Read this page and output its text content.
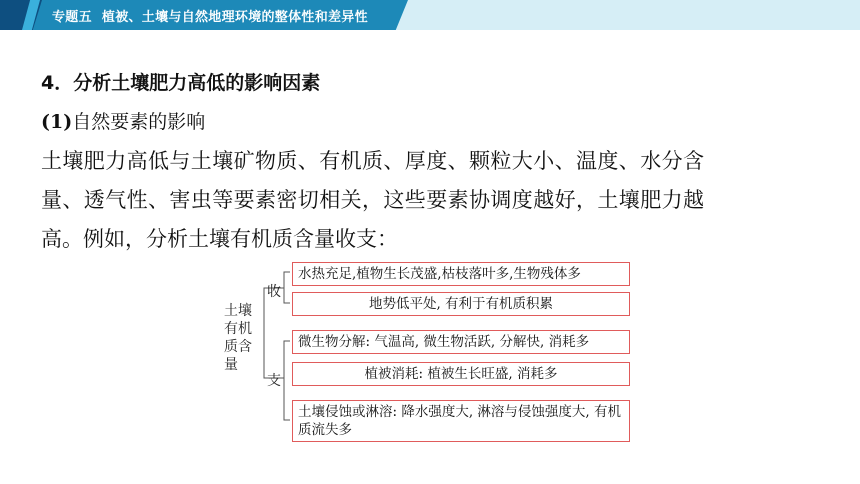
专题五 植被、土壤与自然地理环境的整体性和差异性
4．分析土壤肥力高低的影响因素
(1)自然要素的影响
土壤肥力高低与土壤矿物质、有机质、厚度、颗粒大小、温度、水分含
量、透气性、害虫等要素密切相关，这些要素协调度越好，土壤肥力越
高。例如，分析土壤有机质含量收支：
土壤
有机
质含
量
收
支
水热充足,植物生长茂盛,枯枝落叶多,生物残体多
地势低平处, 有利于有机质积累
微生物分解: 气温高, 微生物活跃, 分解快, 消耗多
植被消耗: 植被生长旺盛, 消耗多
土壤侵蚀或淋溶: 降水强度大, 淋溶与侵蚀强度大, 有机质流失多
